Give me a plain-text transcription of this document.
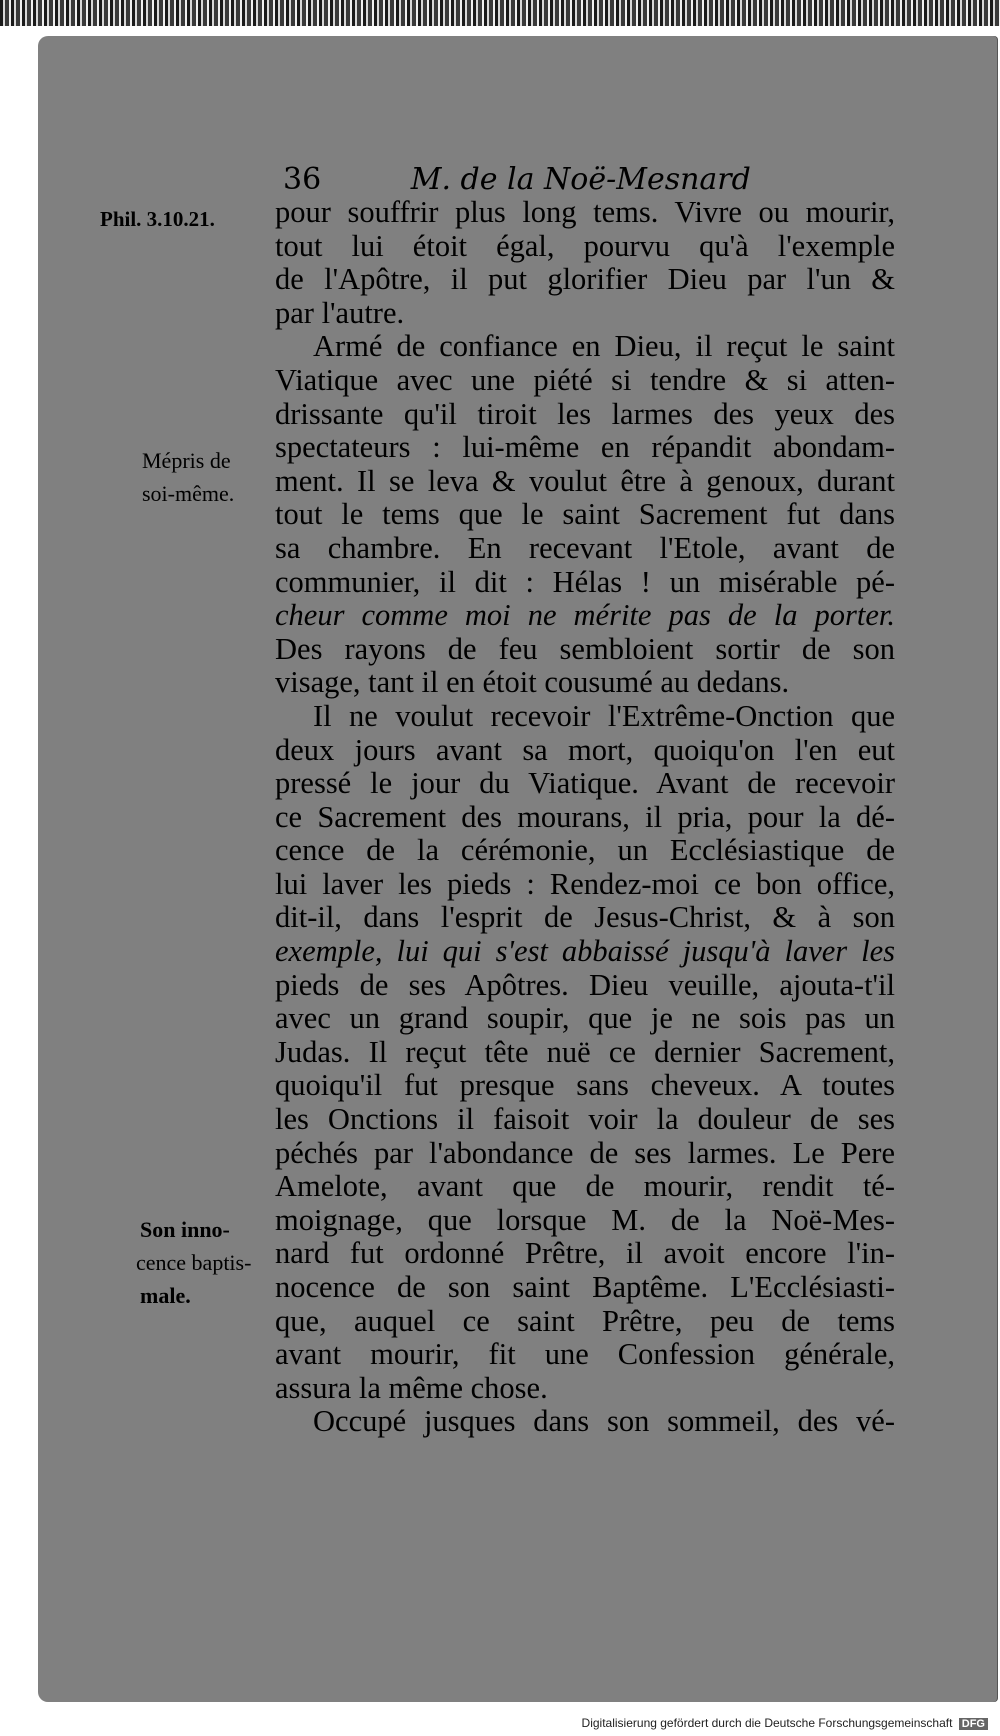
36	M. de la Noë-Mesnard
Phil. 3.10.21.
Mépris de
soi-même.
Son inno-
cence baptis-
male.
pour souffrir plus long tems. Vivre ou mourir,
tout lui étoit égal, pourvu qu'à l'exemple
de l'Apôtre, il put glorifier Dieu par l'un &
par l'autre.
Armé de confiance en Dieu, il reçut le saint
Viatique avec une piété si tendre & si atten-
drissante qu'il tiroit les larmes des yeux des
spectateurs : lui-même en répandit abondam-
ment. Il se leva & voulut être à genoux, durant
tout le tems que le saint Sacrement fut dans
sa chambre. En recevant l'Etole, avant de
communier, il dit : Hélas ! un misérable pé-
cheur comme moi ne mérite pas de la porter.
Des rayons de feu sembloient sortir de son
visage, tant il en étoit cousumé au dedans.
Il ne voulut recevoir l'Extrême-Onction que
deux jours avant sa mort, quoiqu'on l'en eut
pressé le jour du Viatique. Avant de recevoir
ce Sacrement des mourans, il pria, pour la dé-
cence de la cérémonie, un Ecclésiastique de
lui laver les pieds : Rendez-moi ce bon office,
dit-il, dans l'esprit de Jesus-Christ, & à son
exemple, lui qui s'est abbaissé jusqu'à laver les
pieds de ses Apôtres. Dieu veuille, ajouta-t'il
avec un grand soupir, que je ne sois pas un
Judas. Il reçut tête nuë ce dernier Sacrement,
quoiqu'il fut presque sans cheveux. A toutes
les Onctions il faisoit voir la douleur de ses
péchés par l'abondance de ses larmes. Le Pere
Amelote, avant que de mourir, rendit té-
moignage, que lorsque M. de la Noë-Mes-
nard fut ordonné Prêtre, il avoit encore l'in-
nocence de son saint Baptême. L'Ecclésiasti-
que, auquel ce saint Prêtre, peu de tems
avant mourir, fit une Confession générale,
assura la même chose.
Occupé jusques dans son sommeil, des vé-
Digitalisierung gefördert durch die Deutsche Forschungsgemeinschaft DFG
